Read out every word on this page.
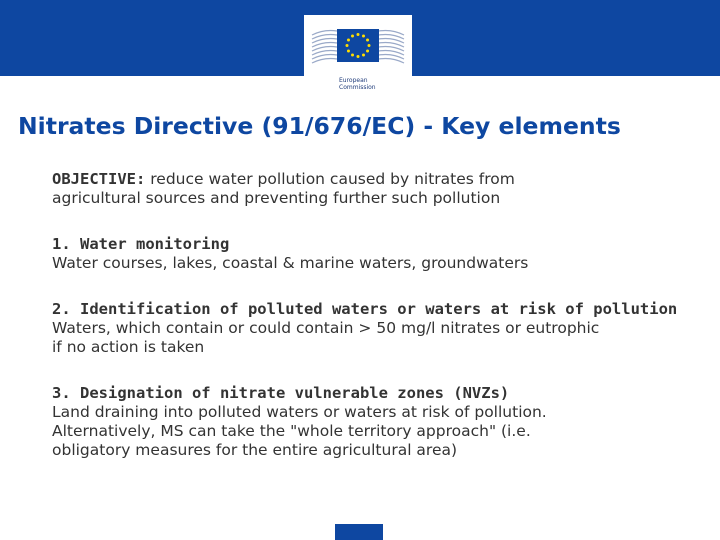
European
Commission
Nitrates Directive (91/676/EC) - Key elements
OBJECTIVE: reduce water pollution caused by nitrates from
agricultural sources and preventing further such pollution
1. Water monitoring
Water courses, lakes, coastal & marine waters, groundwaters
2. Identification of polluted waters or waters at risk of pollution
Waters, which contain or could contain > 50 mg/l nitrates or eutrophic
if no action is taken
3. Designation of nitrate vulnerable zones (NVZs)
Land draining into polluted waters or waters at risk of pollution.
Alternatively, MS can take the "whole territory approach" (i.e.
obligatory measures for the entire agricultural area)
